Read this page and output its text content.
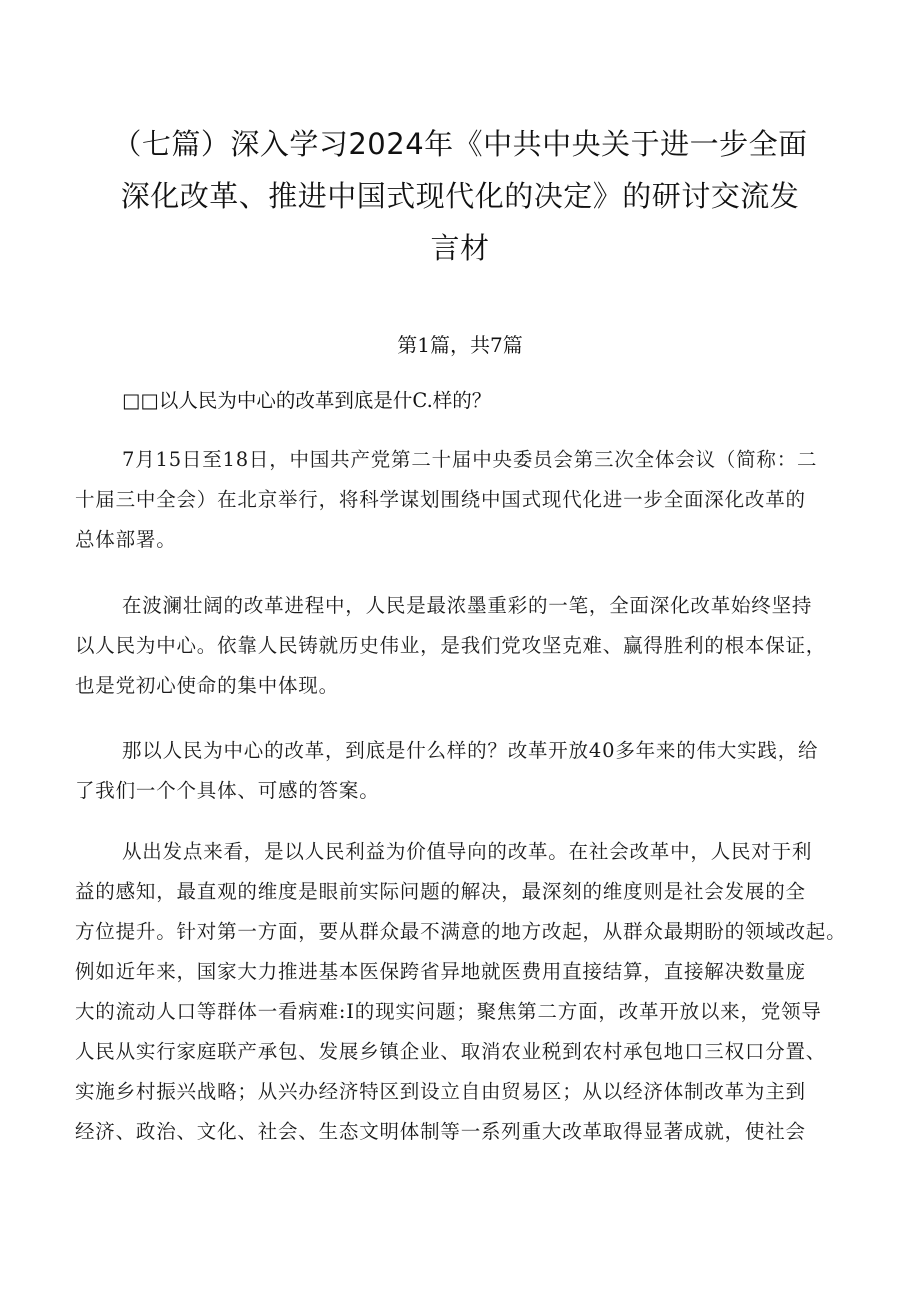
（七篇）深入学习2024年《中共中央关于进一步全面
深化改革、推进中国式现代化的决定》的研讨交流发
言材
第1篇，共7篇
□□以人民为中心的改革到底是什C.样的？
7月15日至18日，中国共产党第二十届中央委员会第三次全体会议（简称：二
十届三中全会）在北京举行，将科学谋划围绕中国式现代化进一步全面深化改革的
总体部署。
在波澜壮阔的改革进程中，人民是最浓墨重彩的一笔，全面深化改革始终坚持
以人民为中心。依靠人民铸就历史伟业，是我们党攻坚克难、赢得胜利的根本保证，
也是党初心使命的集中体现。
那以人民为中心的改革，到底是什么样的？改革开放40多年来的伟大实践，给
了我们一个个具体、可感的答案。
从出发点来看，是以人民利益为价值导向的改革。在社会改革中，人民对于利
益的感知，最直观的维度是眼前实际问题的解决，最深刻的维度则是社会发展的全
方位提升。针对第一方面，要从群众最不满意的地方改起，从群众最期盼的领域改起。
例如近年来，国家大力推进基本医保跨省异地就医费用直接结算，直接解决数量庞
大的流动人口等群体一看病难:I的现实问题；聚焦第二方面，改革开放以来，党领导
人民从实行家庭联产承包、发展乡镇企业、取消农业税到农村承包地口三权口分置、
实施乡村振兴战略；从兴办经济特区到设立自由贸易区；从以经济体制改革为主到
经济、政治、文化、社会、生态文明体制等一系列重大改革取得显著成就，使社会
